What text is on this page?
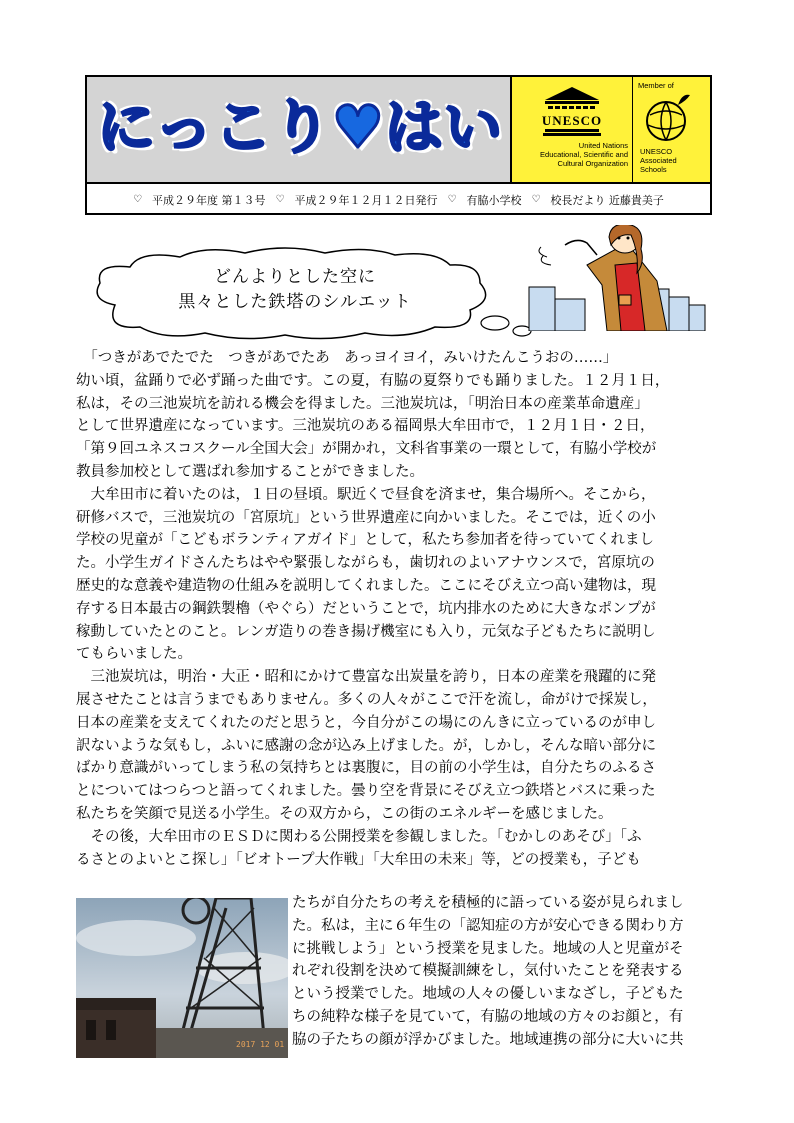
にっこり♥はい	UNESCO
United Nations
Educational, Scientific and
Cultural Organization
Member of
UNESCO
Associated
Schools
♡ 平成２９年度 第１３号 ♡ 平成２９年１２月１２日発行 ♡ 有脇小学校 ♡ 校長だより 近藤貴美子
どんよりとした空に
黒々とした鉄塔のシルエット

　「つきがあでたでた　つきがあでたあ　あっヨイヨイ，みいけたんこうおの……」
幼い頃，盆踊りで必ず踊った曲です。この夏，有脇の夏祭りでも踊りました。１２月１日，
私は，その三池炭坑を訪れる機会を得ました。三池炭坑は，「明治日本の産業革命遺産」
として世界遺産になっています。三池炭坑のある福岡県大牟田市で，１２月１日・２日，
「第９回ユネスコスクール全国大会」が開かれ，文科省事業の一環として，有脇小学校が
教員参加校として選ばれ参加することができました。

　大牟田市に着いたのは，１日の昼頃。駅近くで昼食を済ませ，集合場所へ。そこから，
研修バスで，三池炭坑の「宮原坑」という世界遺産に向かいました。そこでは，近くの小
学校の児童が「こどもボランティアガイド」として，私たち参加者を待っていてくれまし
た。小学生ガイドさんたちはやや緊張しながらも，歯切れのよいアナウンスで，宮原坑の
歴史的な意義や建造物の仕組みを説明してくれました。ここにそびえ立つ高い建物は，現
存する日本最古の鋼鉄製櫓（やぐら）だということで，坑内排水のために大きなポンプが
稼動していたとのこと。レンガ造りの巻き揚げ機室にも入り，元気な子どもたちに説明し
てもらいました。

　三池炭坑は，明治・大正・昭和にかけて豊富な出炭量を誇り，日本の産業を飛躍的に発
展させたことは言うまでもありません。多くの人々がここで汗を流し，命がけで採炭し，
日本の産業を支えてくれたのだと思うと，今自分がこの場にのんきに立っているのが申し
訳ないような気もし，ふいに感謝の念が込み上げました。が，しかし，そんな暗い部分に
ばかり意識がいってしまう私の気持ちとは裏腹に，目の前の小学生は，自分たちのふるさ
とについてはつらつと語ってくれました。曇り空を背景にそびえ立つ鉄塔とバスに乗った
私たちを笑顔で見送る小学生。その双方から，この街のエネルギーを感じました。

　その後，大牟田市のＥＳＤに関わる公開授業を参観しました。「むかしのあそび」「ふ
るさとのよいとこ探し」「ビオトープ大作戦」「大牟田の未来」等，どの授業も，子ども

2017 12 01
たちが自分たちの考えを積極的に語っている姿が見られまし
た。私は，主に６年生の「認知症の方が安心できる関わり方
に挑戦しよう」という授業を見ました。地域の人と児童がそ
れぞれ役割を決めて模擬訓練をし，気付いたことを発表する
という授業でした。地域の人々の優しいまなざし，子どもた
ちの純粋な様子を見ていて，有脇の地域の方々のお顔と，有
脇の子たちの顔が浮かびました。地域連携の部分に大いに共
